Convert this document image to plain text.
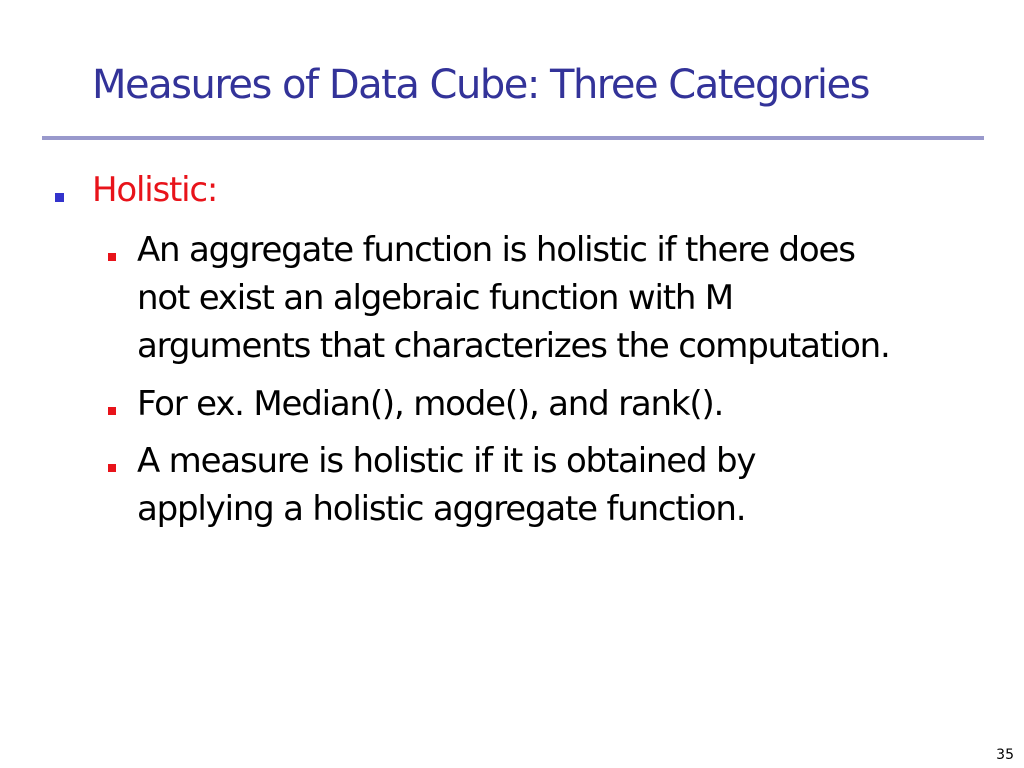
Measures of Data Cube: Three Categories
Holistic:
An aggregate function is holistic if there does
not exist an algebraic function with M
arguments that characterizes the computation.
For ex. Median(), mode(), and rank().
A measure is holistic if it is obtained by
applying a holistic aggregate function.
35
